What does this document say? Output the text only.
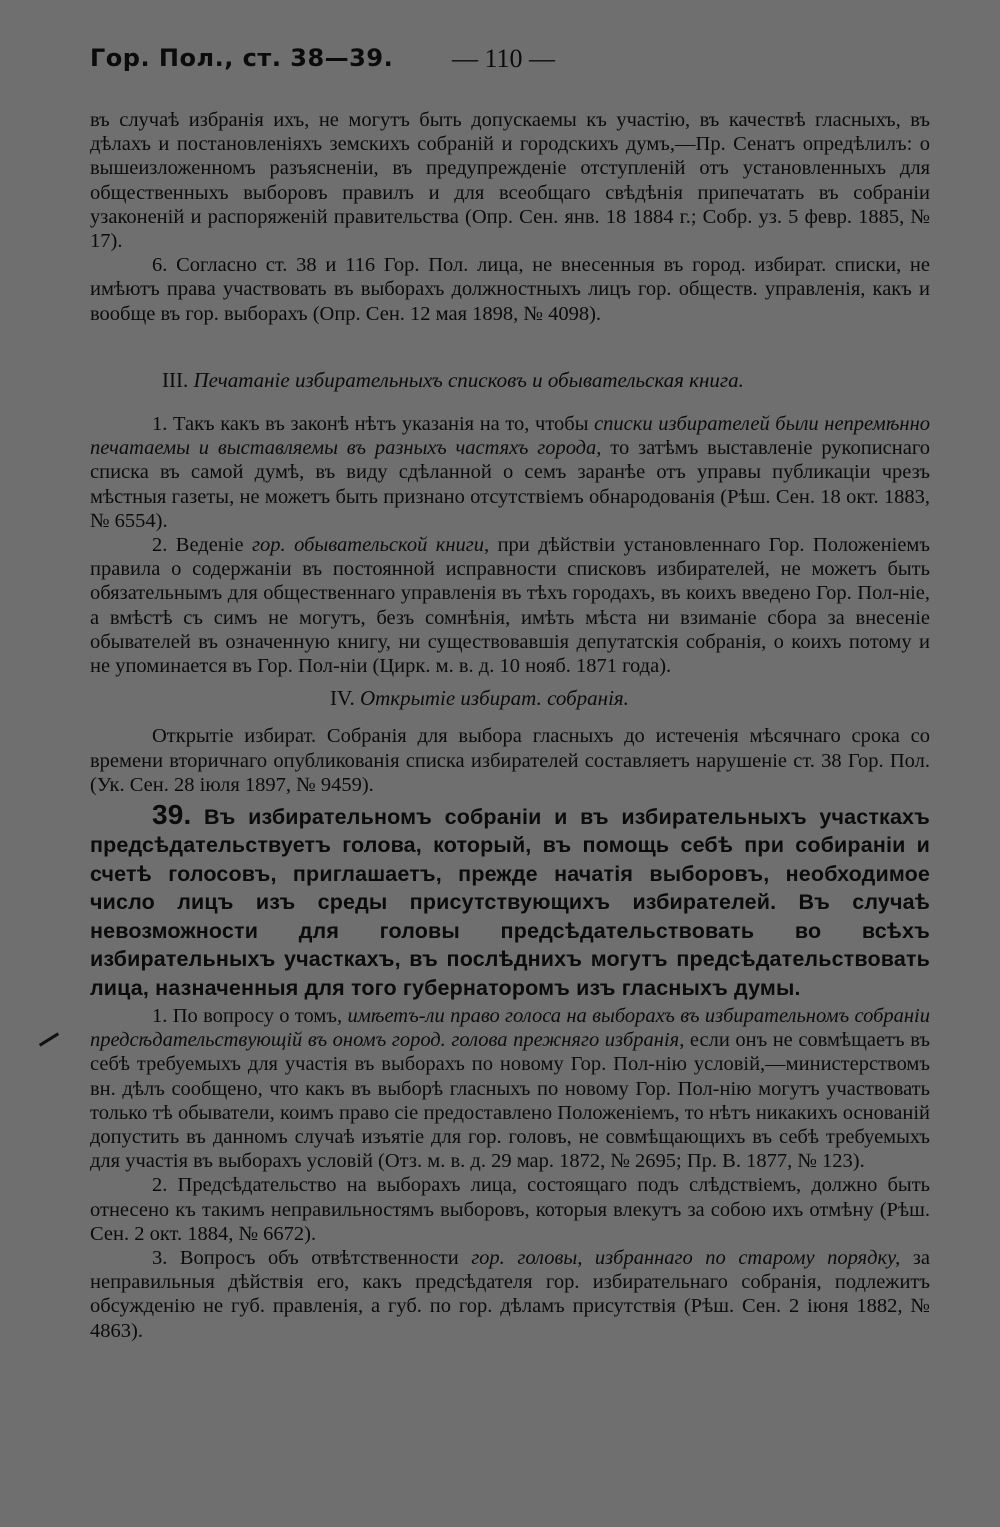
Гор. Пол., ст. 38—39. — 110 —

въ случаѣ избранія ихъ, не могутъ быть допускаемы къ участію, въ качествѣ гласныхъ, въ дѣлахъ и постановленіяхъ земскихъ собраній и городскихъ думъ,—Пр. Сенатъ опредѣлилъ: о вышеизложенномъ разъясненіи, въ предупрежденіе отступленій отъ установленныхъ для общественныхъ выборовъ правилъ и для всеобщаго свѣдѣнія припечатать въ собраніи узаконеній и распоряженій правительства (Опр. Сен. янв. 18 1884 г.; Собр. уз. 5 февр. 1885, № 17).

6. Согласно ст. 38 и 116 Гор. Пол. лица, не внесенныя въ город. избират. списки, не имѣютъ права участвовать въ выборахъ должностныхъ лицъ гор. обществ. управленія, какъ и вообще въ гор. выборахъ (Опр. Сен. 12 мая 1898, № 4098).

III. Печатаніе избирательныхъ списковъ и обывательская книга.

1. Такъ какъ въ законѣ нѣтъ указанія на то, чтобы списки избирателей были непремѣнно печатаемы и выставляемы въ разныхъ частяхъ города, то затѣмъ выставленіе рукописнаго списка въ самой думѣ, въ виду сдѣланной о семъ заранѣе отъ управы публикаціи чрезъ мѣстныя газеты, не можетъ быть признано отсутствіемъ обнародованія (Рѣш. Сен. 18 окт. 1883, № 6554).

2. Веденіе гор. обывательской книги, при дѣйствіи установленнаго Гор. Положеніемъ правила о содержаніи въ постоянной исправности списковъ избирателей, не можетъ быть обязательнымъ для общественнаго управленія въ тѣхъ городахъ, въ коихъ введено Гор. Пол-ніе, а вмѣстѣ съ симъ не могутъ, безъ сомнѣнія, имѣть мѣста ни взиманіе сбора за внесеніе обывателей въ означенную книгу, ни существовавшія депутатскія собранія, о коихъ потому и не упоминается въ Гор. Пол-ніи (Цирк. м. в. д. 10 нояб. 1871 года).

IV. Открытіе избират. собранія.

Открытіе избират. Собранія для выбора гласныхъ до истеченія мѣсячнаго срока со времени вторичнаго опубликованія списка избирателей составляетъ нарушеніе ст. 38 Гор. Пол. (Ук. Сен. 28 іюля 1897, № 9459).

39. Въ избирательномъ собраніи и въ избирательныхъ участкахъ предсѣдательствуетъ голова, который, въ помощь себѣ при собираніи и счетѣ голосовъ, приглашаетъ, прежде начатія выборовъ, необходимое число лицъ изъ среды присутствующихъ избирателей. Въ случаѣ невозможности для головы предсѣдательствовать во всѣхъ избирательныхъ участкахъ, въ послѣднихъ могутъ предсѣдательствовать лица, назначенныя для того губернаторомъ изъ гласныхъ думы.

1. По вопросу о томъ, имѣетъ-ли право голоса на выборахъ въ избирательномъ собраніи предсѣдательствующій въ ономъ город. голова прежняго избранія, если онъ не совмѣщаетъ въ себѣ требуемыхъ для участія въ выборахъ по новому Гор. Пол-нію условій,—министерствомъ вн. дѣлъ сообщено, что какъ въ выборѣ гласныхъ по новому Гор. Пол-нію могутъ участвовать только тѣ обыватели, коимъ право сіе предоставлено Положеніемъ, то нѣтъ никакихъ основаній допустить въ данномъ случаѣ изъятіе для гор. головъ, не совмѣщающихъ въ себѣ требуемыхъ для участія въ выборахъ условій (Отз. м. в. д. 29 мар. 1872, № 2695; Пр. В. 1877, № 123).

2. Предсѣдательство на выборахъ лица, состоящаго подъ слѣдствіемъ, должно быть отнесено къ такимъ неправильностямъ выборовъ, которыя влекутъ за собою ихъ отмѣну (Рѣш. Сен. 2 окт. 1884, № 6672).

3. Вопросъ объ отвѣтственности гор. головы, избраннаго по старому порядку, за неправильныя дѣйствія его, какъ предсѣдателя гор. избирательнаго собранія, подлежитъ обсужденію не губ. правленія, а губ. по гор. дѣламъ присутствія (Рѣш. Сен. 2 іюня 1882, № 4863).
